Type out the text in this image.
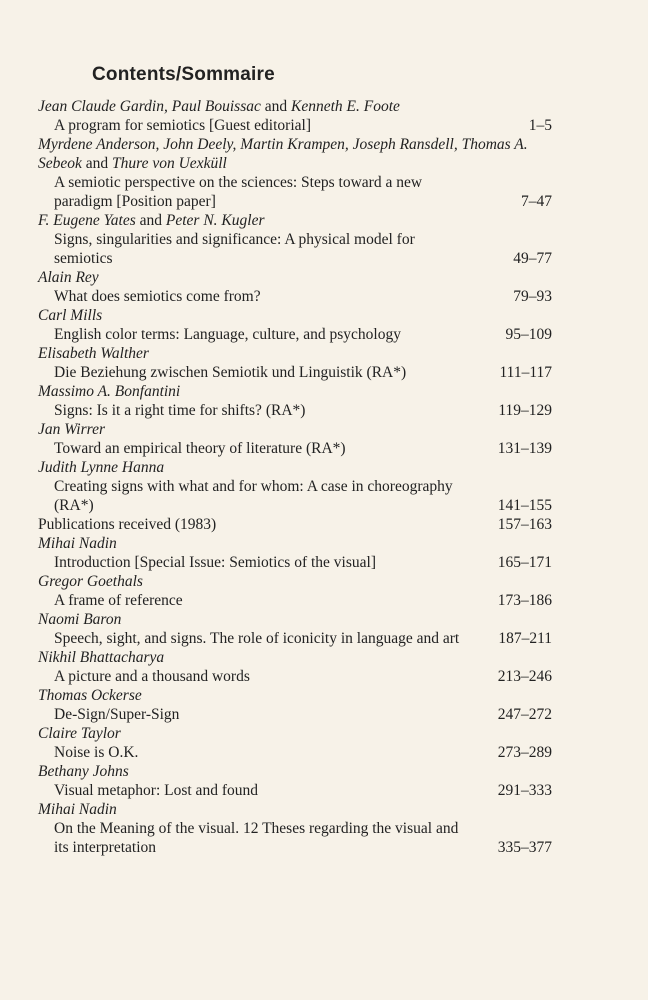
Contents/Sommaire
Jean Claude Gardin, Paul Bouissac and Kenneth E. Foote
A program for semiotics [Guest editorial]	1–5
Myrdene Anderson, John Deely, Martin Krampen, Joseph Ransdell, Thomas A. Sebeok and Thure von Uexküll
A semiotic perspective on the sciences: Steps toward a new paradigm [Position paper]	7–47
F. Eugene Yates and Peter N. Kugler
Signs, singularities and significance: A physical model for semiotics	49–77
Alain Rey
What does semiotics come from?	79–93
Carl Mills
English color terms: Language, culture, and psychology	95–109
Elisabeth Walther
Die Beziehung zwischen Semiotik und Linguistik (RA*)	111–117
Massimo A. Bonfantini
Signs: Is it a right time for shifts? (RA*)	119–129
Jan Wirrer
Toward an empirical theory of literature (RA*)	131–139
Judith Lynne Hanna
Creating signs with what and for whom: A case in choreography (RA*)	141–155
Publications received (1983)	157–163
Mihai Nadin
Introduction [Special Issue: Semiotics of the visual]	165–171
Gregor Goethals
A frame of reference	173–186
Naomi Baron
Speech, sight, and signs. The role of iconicity in language and art	187–211
Nikhil Bhattacharya
A picture and a thousand words	213–246
Thomas Ockerse
De-Sign/Super-Sign	247–272
Claire Taylor
Noise is O.K.	273–289
Bethany Johns
Visual metaphor: Lost and found	291–333
Mihai Nadin
On the Meaning of the visual. 12 Theses regarding the visual and its interpretation	335–377
